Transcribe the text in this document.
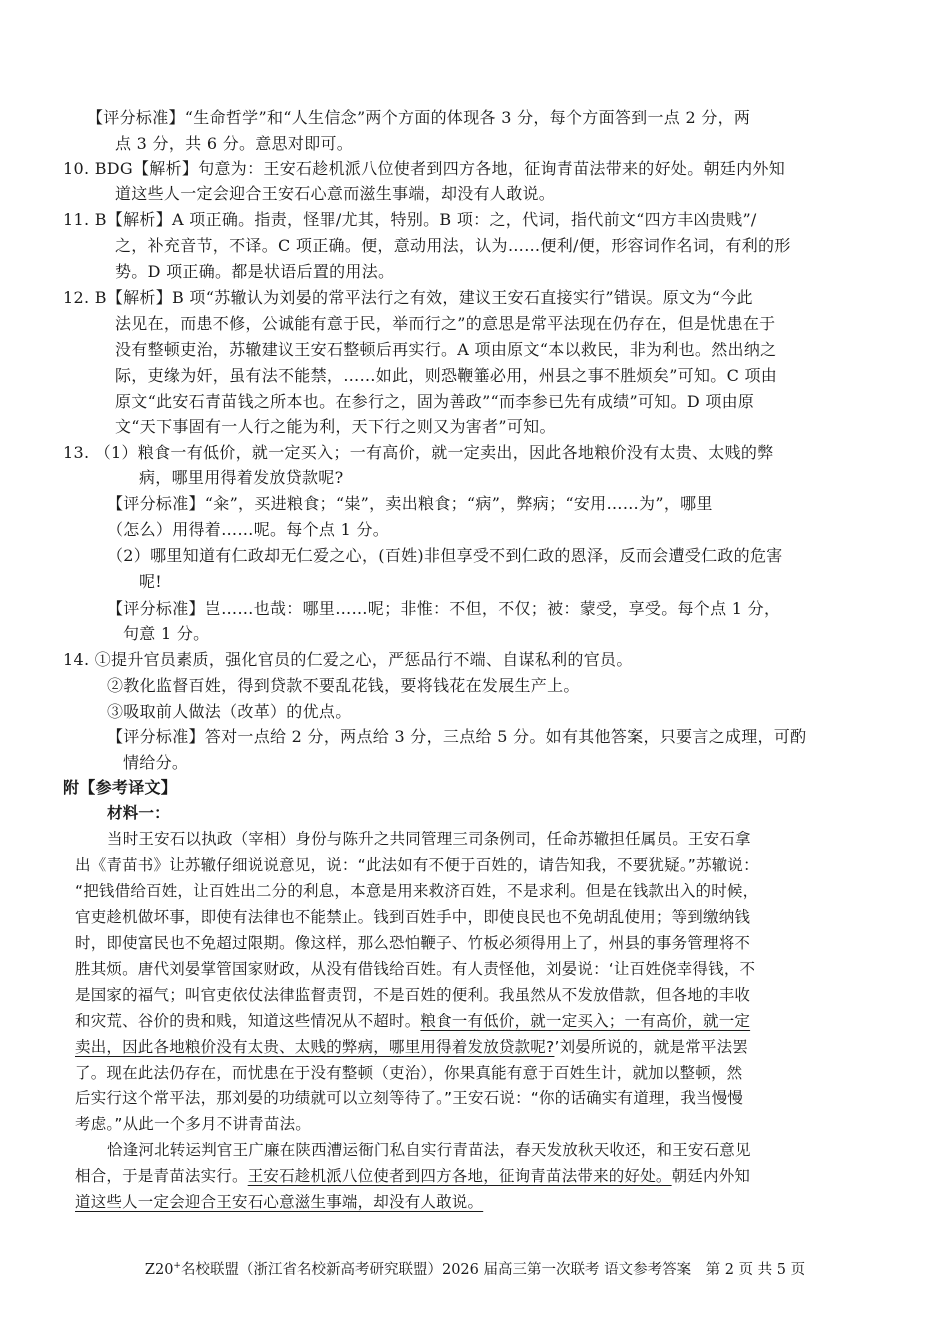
【评分标准】“生命哲学”和“人生信念”两个方面的体现各 3 分，每个方面答到一点 2 分，两
点 3 分，共 6 分。意思对即可。
10. BDG【解析】句意为：王安石趁机派八位使者到四方各地，征询青苗法带来的好处。朝廷内外知
道这些人一定会迎合王安石心意而滋生事端，却没有人敢说。
11. B【解析】A 项正确。指责，怪罪/尤其，特别。B 项：之，代词，指代前文“四方丰凶贵贱”/
之，补充音节，不译。C 项正确。便，意动用法，认为……便利/便，形容词作名词，有利的形
势。D 项正确。都是状语后置的用法。
12. B【解析】B 项“苏辙认为刘晏的常平法行之有效，建议王安石直接实行”错误。原文为“今此
法见在，而患不修，公诚能有意于民，举而行之”的意思是常平法现在仍存在，但是忧患在于
没有整顿吏治，苏辙建议王安石整顿后再实行。A 项由原文“本以救民，非为利也。然出纳之
际，吏缘为奸，虽有法不能禁，……如此，则恐鞭箠必用，州县之事不胜烦矣”可知。C 项由
原文“此安石青苗钱之所本也。在参行之，固为善政”“而李参已先有成绩”可知。D 项由原
文“天下事固有一人行之能为利，天下行之则又为害者”可知。
13. （1）粮食一有低价，就一定买入；一有高价，就一定卖出，因此各地粮价没有太贵、太贱的弊
病，哪里用得着发放贷款呢?
【评分标准】“籴”，买进粮食；“粜”，卖出粮食；“病”，弊病；“安用……为”，哪里
（怎么）用得着……呢。每个点 1 分。
（2）哪里知道有仁政却无仁爱之心，(百姓)非但享受不到仁政的恩泽，反而会遭受仁政的危害
呢!
【评分标准】岂……也哉：哪里……呢；非惟：不但，不仅；被：蒙受，享受。每个点 1 分，
句意 1 分。
14. ①提升官员素质，强化官员的仁爱之心，严惩品行不端、自谋私利的官员。
②教化监督百姓，得到贷款不要乱花钱，要将钱花在发展生产上。
③吸取前人做法（改革）的优点。
【评分标准】答对一点给 2 分，两点给 3 分，三点给 5 分。如有其他答案，只要言之成理，可酌
情给分。
附【参考译文】
材料一：
当时王安石以执政（宰相）身份与陈升之共同管理三司条例司，任命苏辙担任属员。王安石拿
出《青苗书》让苏辙仔细说说意见，说：“此法如有不便于百姓的，请告知我，不要犹疑。”苏辙说：
“把钱借给百姓，让百姓出二分的利息，本意是用来救济百姓，不是求利。但是在钱款出入的时候，
官吏趁机做坏事，即使有法律也不能禁止。钱到百姓手中，即使良民也不免胡乱使用；等到缴纳钱
时，即使富民也不免超过限期。像这样，那么恐怕鞭子、竹板必须得用上了，州县的事务管理将不
胜其烦。唐代刘晏掌管国家财政，从没有借钱给百姓。有人责怪他，刘晏说：‘让百姓侥幸得钱，不
是国家的福气；叫官吏依仗法律监督责罚，不是百姓的便利。我虽然从不发放借款，但各地的丰收
和灾荒、谷价的贵和贱，知道这些情况从不超时。粮食一有低价，就一定买入；一有高价，就一定
卖出，因此各地粮价没有太贵、太贱的弊病，哪里用得着发放贷款呢?’刘晏所说的，就是常平法罢
了。现在此法仍存在，而忧患在于没有整顿（吏治），你果真能有意于百姓生计，就加以整顿，然
后实行这个常平法，那刘晏的功绩就可以立刻等待了。”王安石说：“你的话确实有道理，我当慢慢
考虑。”从此一个多月不讲青苗法。
恰逢河北转运判官王广廉在陕西漕运衙门私自实行青苗法，春天发放秋天收还，和王安石意见
相合，于是青苗法实行。王安石趁机派八位使者到四方各地，征询青苗法带来的好处。朝廷内外知
道这些人一定会迎合王安石心意滋生事端，却没有人敢说。
Z20+名校联盟（浙江省名校新高考研究联盟）2026 届高三第一次联考 语文参考答案　第 2 页 共 5 页
